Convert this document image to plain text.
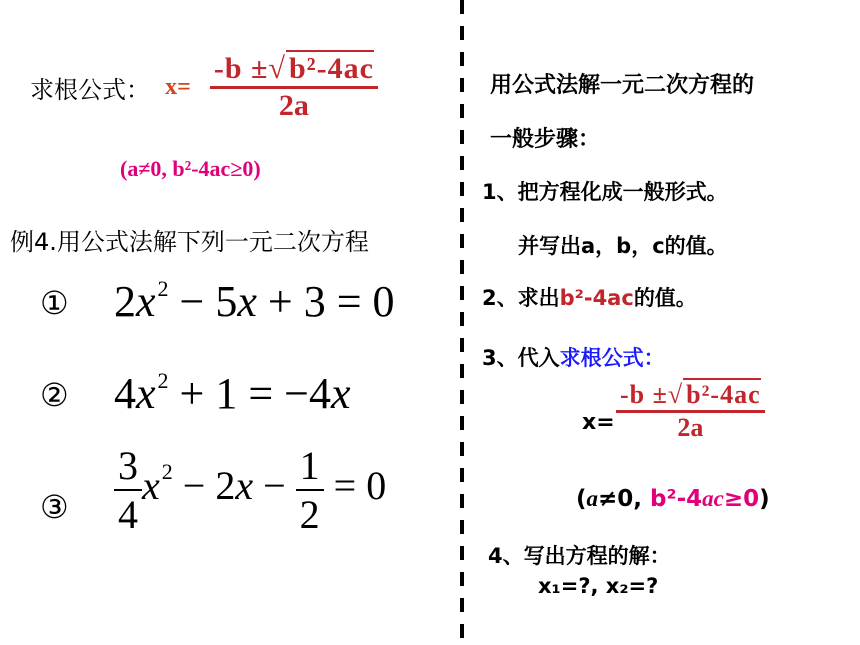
求根公式： $x= \frac{\text{-b ±√ b²-4ac}}{2a}$
(a≠0, b²-4ac≥0)
例4.用公式法解下列一元二次方程
① $2x^2 - 5x + 3 = 0$
② $4x^2 + 1 = -4x$
③ $\frac{3}{4} x^2 - 2x - \frac{1}{2} = 0$
用公式法解一元二次方程的
一般步骤：
1、把方程化成一般形式。
并写出a，b，c的值。
2、求出b²-4ac的值。
3、代入求根公式：
$x= \frac{\text{-b ±√ b²-4ac}}{2a}$
(a≠0, b²-4ac≥0)
4、写出方程的解：
x₁=?, x₂=?
